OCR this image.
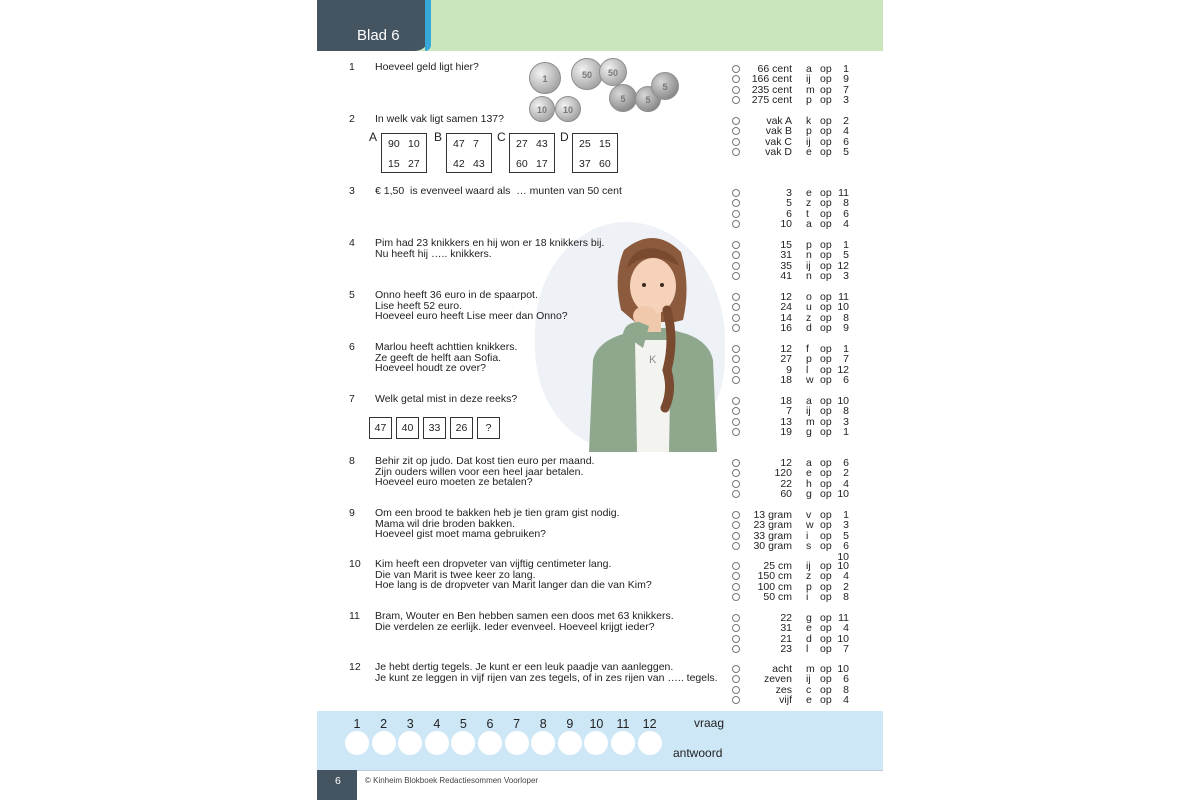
Blad 6
1	50	50
10	10
5	5
5
K
1 Hoeveel geld ligt hier?	66 cent a op	1
166 cent ij op	9
235 cent m op	7
275 cent p op	3
2 In welk vak ligt samen 137?	vak A k op	2
vak B p op	4
vak C ij op	6
vak D e op	5
3 € 1,50  is evenveel waard als  … munten van 50 cent	3 e op 11
5 z op	8
6 t	op	6
10 a op	4
4 Pim had 23 knikkers en hij won er 18 knikkers bij.
Nu heeft hij ….. knikkers.
15 p op	1
31 n op	5
35 ij op 12
41 n op	3
5 Onno heeft 36 euro in de spaarpot.
Lise heeft 52 euro.
Hoeveel euro heeft Lise meer dan Onno?
12 o op 11
24 u op 10
14 z op	8
16 d op	9
6 Marlou heeft achttien knikkers.
Ze geeft de helft aan Sofia.
Hoeveel houdt ze over?
12 f	op	1
27 p op	7
9 l	op 12
18 w op	6
7 Welk getal mist in deze reeks?	18 a op 10
7 ij op	8
13 m op	3
19 g op	1
8 Behir zit op judo. Dat kost tien euro per maand.
Zijn ouders willen voor een heel jaar betalen.
Hoeveel euro moeten ze betalen?
12 a op	6
120 e op	2
22 h op	4
60 g op 10
9 Om een brood te bakken heb je tien gram gist nodig.
Mama wil drie broden bakken.
Hoeveel gist moet mama gebruiken?
13 gram v op	1
23 gram w op	3
33 gram i	op	5
30 gram s op	6
10
10 Kim heeft een dropveter van vijftig centimeter lang.
Die van Marit is twee keer zo lang.
Hoe lang is de dropveter van Marit langer dan die van Kim?
25 cm ij op 10
150 cm z op	4
100 cm p op	2
50 cm i	op	8
11 Bram, Wouter en Ben hebben samen een doos met 63 knikkers.
Die verdelen ze eerlijk. Ieder evenveel. Hoeveel krijgt ieder?
22 g op 11
31 e op	4
21 d op 10
23 l	op	7
12 Je hebt dertig tegels. Je kunt er een leuk paadje van aanleggen.
Je kunt ze leggen in vijf rijen van zes tegels, of in zes rijen van ….. tegels.
acht m op 10
zeven ij op	6
zes c op	8
vijf e op	4
A 90 10
15 27
B 47 7
42 43
C 27 43
60 17
D 25 15
37 60
47	40	33	26	?
1	2	3	4	5	6	7	8	9	10	11	12	vraag
antwoord
6	© Kinheim Blokboek Redactiesommen Voorloper
